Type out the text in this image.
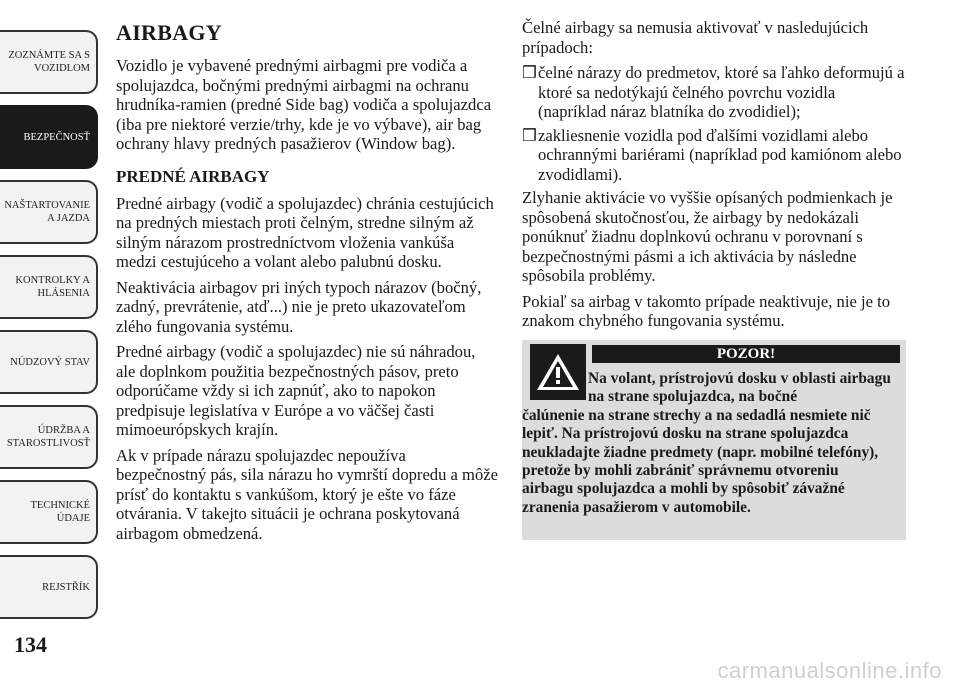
ZOZNÁMTE SA S
VOZIDLOM
BEZPEČNOSŤ
NAŠTARTOVANIE
A JAZDA
KONTROLKY A
HLÁSENIA
NÚDZOVÝ STAV
ÚDRŽBA A
STAROSTLIVOSŤ
TECHNICKÉ
ÚDAJE
REJSTŘÍK
134
AIRBAGY

Vozidlo je vybavené prednými airbagmi pre vodiča a spolujazdca, bočnými prednými airbagmi na ochranu hrudníka-ramien (predné Side bag) vodiča a spolujazdca (iba pre niektoré verzie/trhy, kde je vo výbave), air bag ochrany hlavy predných pasažierov (Window bag).

PREDNÉ AIRBAGY

Predné airbagy (vodič a spolujazdec) chránia cestujúcich na predných miestach proti čelným, stredne silným až silným nárazom prostredníctvom vloženia vankúša medzi cestujúceho a volant alebo palubnú dosku.

Neaktivácia airbagov pri iných typoch nárazov (bočný, zadný, prevrátenie, atď...) nie je preto ukazovateľom zlého fungovania systému.

Predné airbagy (vodič a spolujazdec) nie sú náhradou, ale doplnkom použitia bezpečnostných pásov, preto odporúčame vždy si ich zapnúť, ako to napokon predpisuje legislatíva v Európe a vo väčšej časti mimoeurópskych krajín.

Ak v prípade nárazu spolujazdec nepoužíva bezpečnostný pás, sila nárazu ho vymrští dopredu a môže prísť do kontaktu s vankúšom, ktorý je ešte vo fáze otvárania. V takejto situácii je ochrana poskytovaná airbagom obmedzená.

Čelné airbagy sa nemusia aktivovať v nasledujúcich prípadoch:

❒ čelné nárazy do predmetov, ktoré sa ľahko deformujú a ktoré sa nedotýkajú čelného povrchu vozidla (napríklad náraz blatníka do zvodidiel);
❒ zakliesnenie vozidla pod ďalšími vozidlami alebo ochrannými bariérami (napríklad pod kamiónom alebo zvodidlami).

Zlyhanie aktivácie vo vyššie opísaných podmienkach je spôsobená skutočnosťou, že airbagy by nedokázali ponúknuť žiadnu doplnkovú ochranu v porovnaní s bezpečnostnými pásmi a ich aktivácia by následne spôsobila problémy.

Pokiaľ sa airbag v takomto prípade neaktivuje, nie je to znakom chybného fungovania systému.

POZOR!
Na volant, prístrojovú dosku v oblasti airbagu na strane spolujazdca, na bočné
čalúnenie na strane strechy a na sedadlá nesmiete nič lepiť. Na prístrojovú dosku na strane spolujazdca neukladajte žiadne predmety (napr. mobilné telefóny), pretože by mohli zabrániť správnemu otvoreniu airbagu spolujazdca a mohli by spôsobiť závažné zranenia pasažierom v automobile.
carmanualsonline.info
